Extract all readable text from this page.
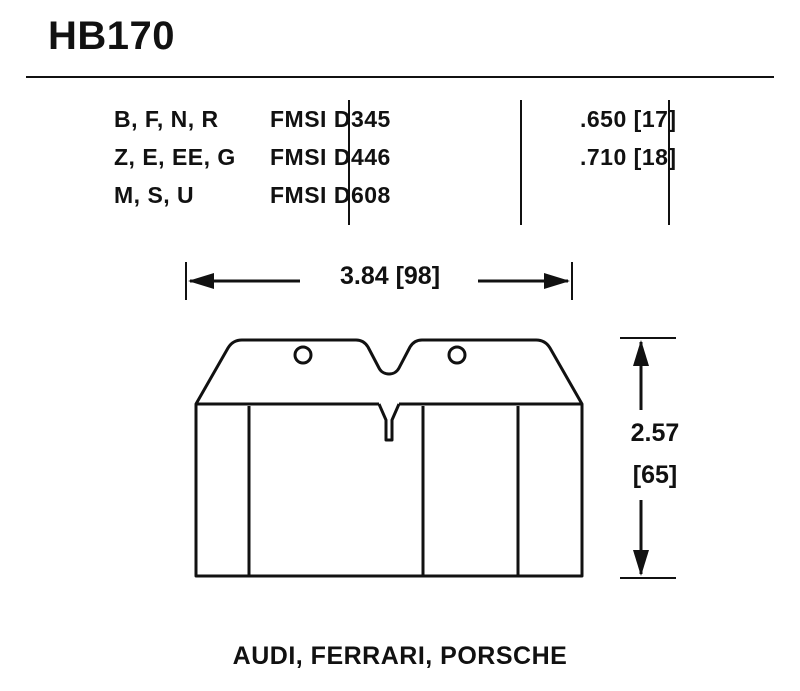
HB170
B, F, N, R
Z, E, EE, G
M, S, U
FMSI D345
FMSI D446
FMSI D608
.650 [17]
.710 [18]
3.84 [98]
2.57
[65]
AUDI, FERRARI, PORSCHE
